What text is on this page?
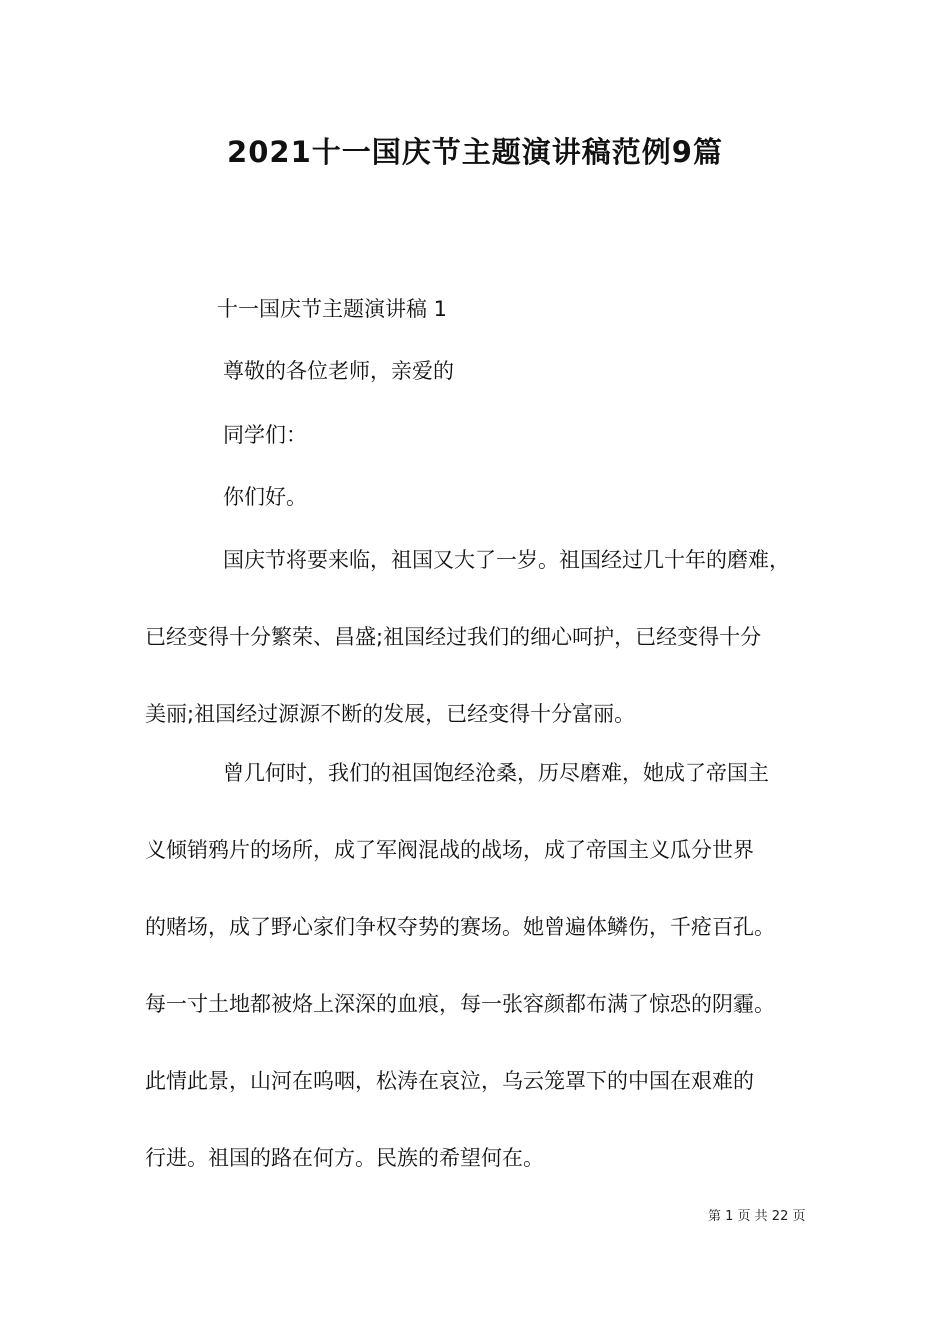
2021十一国庆节主题演讲稿范例9篇

十一国庆节主题演讲稿 1

尊敬的各位老师，亲爱的

同学们：

你们好。

国庆节将要来临，祖国又大了一岁。祖国经过几十年的磨难，
已经变得十分繁荣、昌盛;祖国经过我们的细心呵护，已经变得十分
美丽;祖国经过源源不断的发展，已经变得十分富丽。
曾几何时，我们的祖国饱经沧桑，历尽磨难，她成了帝国主
义倾销鸦片的场所，成了军阀混战的战场，成了帝国主义瓜分世界
的赌场，成了野心家们争权夺势的赛场。她曾遍体鳞伤，千疮百孔。
每一寸土地都被烙上深深的血痕，每一张容颜都布满了惊恐的阴霾。
此情此景，山河在呜咽，松涛在哀泣，乌云笼罩下的中国在艰难的
行进。祖国的路在何方。民族的希望何在。
第 1 页 共 22 页
